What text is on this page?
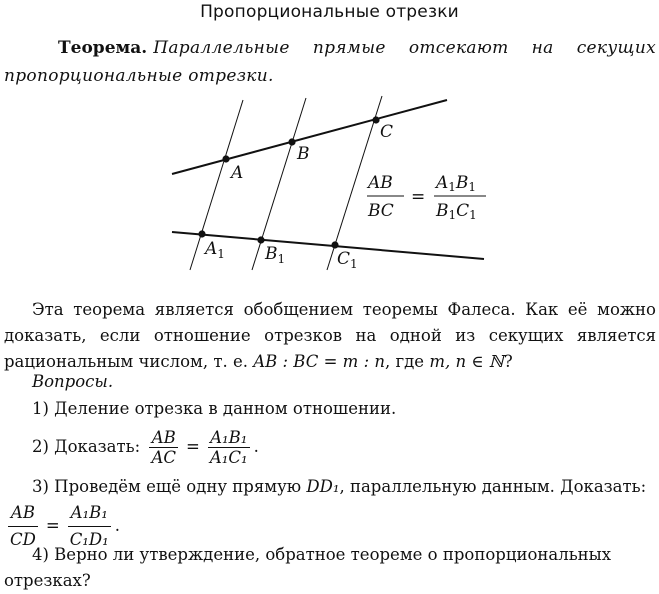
Пропорциональные отрезки
Теорема. Параллельные прямые отсекают на секущих пропорциональные отрезки.
A
B
C
$A_1$ $B_1$	$C_1$
AB
BC
=
A1B1
B1C1
Эта теорема является обобщением теоремы Фалеса. Как её можно доказать, если отношение отрезков на одной из секущих является рациональным числом, т. е. AB : BC = m : n, где m, n ∈ ℕ?
Вопросы.
1) Деление отрезка в данном отношении.
2) Доказать: $\frac{AB}{AC} = \frac{\text{A₁B₁}}{\text{A₁C₁}}$ .
3) Проведём ещё одну прямую DD₁, параллельную данным. Доказать:
$\frac{AB}{CD} = \frac{\text{A₁B₁}}{\text{C₁D₁}}$ .
4) Верно ли утверждение, обратное теореме о пропорциональных отрезках?
